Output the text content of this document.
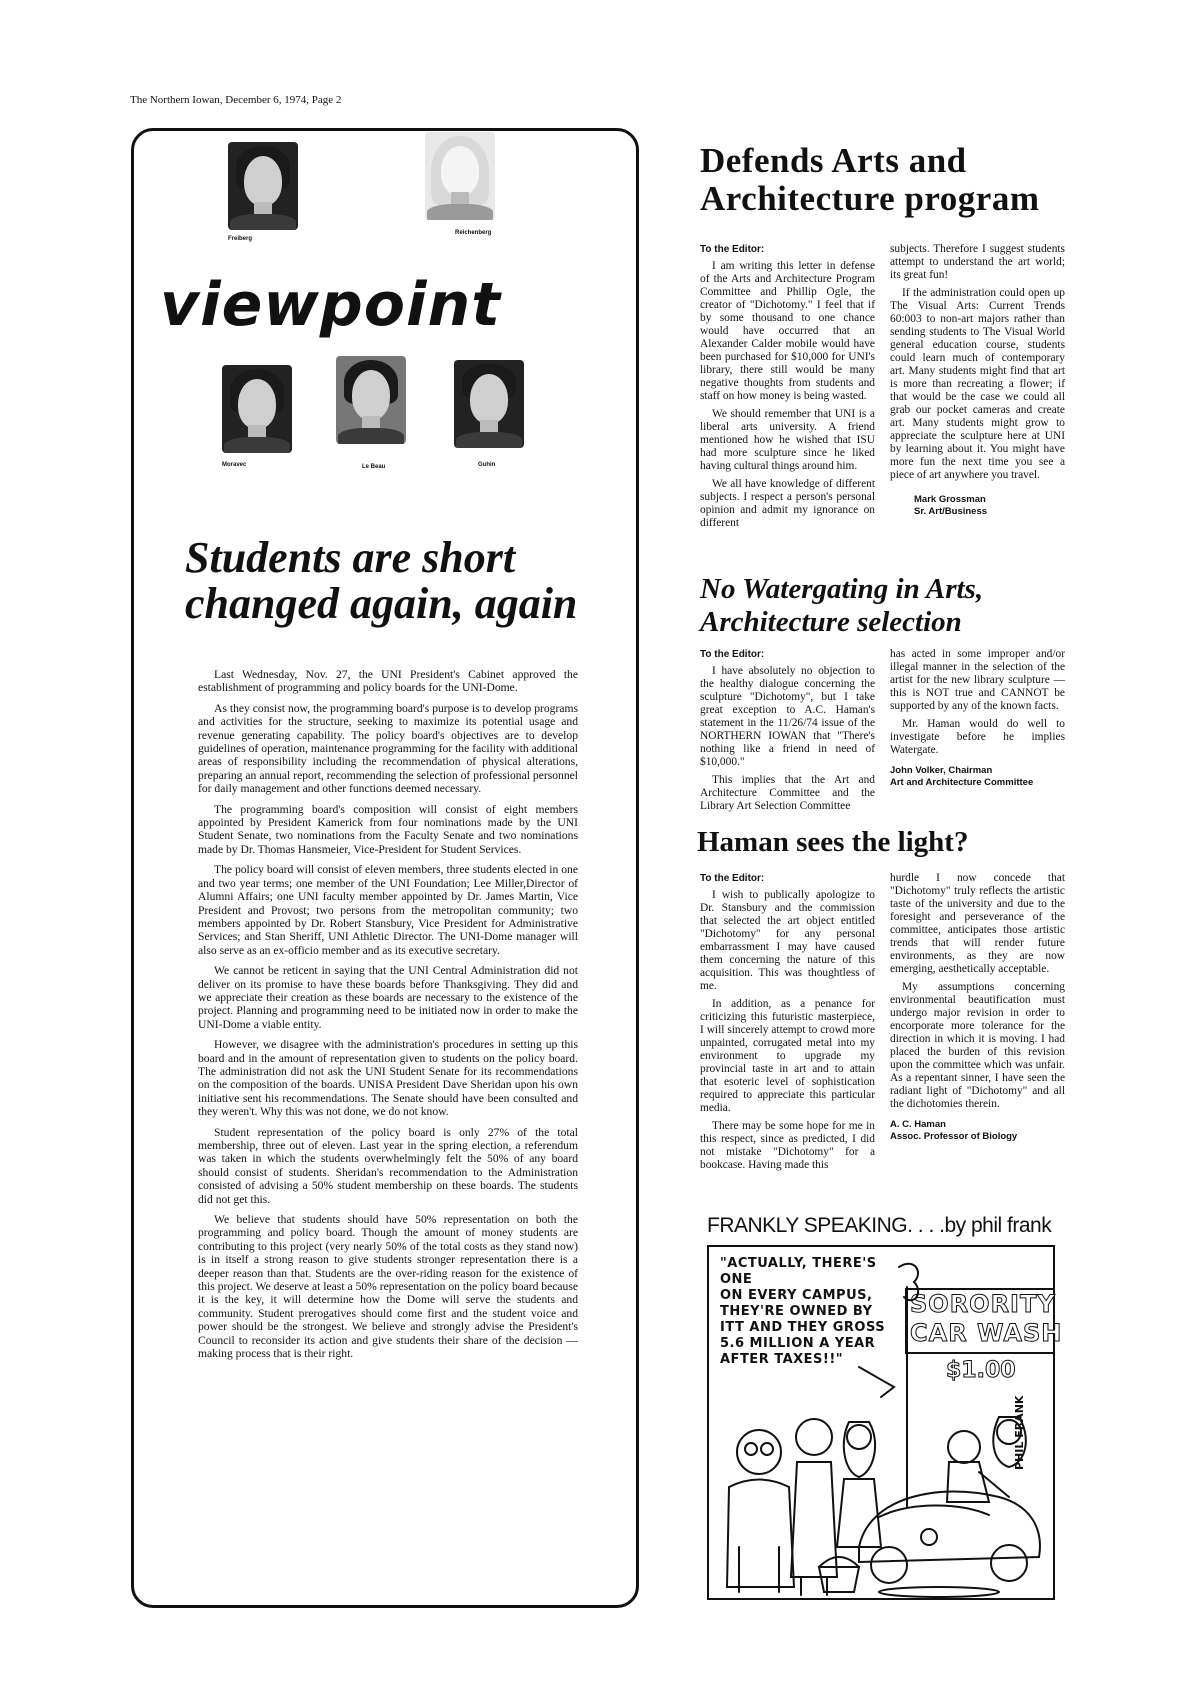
The Northern Iowan, December 6, 1974, Page 2
Freiberg
Reichenberg
viewpoint
Moravec	Le Beau	Guhin
Students are short
changed again, again

Last Wednesday, Nov. 27, the UNI President's Cabinet approved the establishment of programming and policy boards for the UNI-Dome.

As they consist now, the programming board's purpose is to develop programs and activities for the structure, seeking to maximize its potential usage and revenue generating capability. The policy board's objectives are to develop guidelines of operation, maintenance programming for the facility with additional areas of responsibility including the recommendation of physical alterations, preparing an annual report, recommending the selection of professional personnel for daily management and other functions deemed necessary.

The programming board's composition will consist of eight members appointed by President Kamerick from four nominations made by the UNI Student Senate, two nominations from the Faculty Senate and two nominations made by Dr. Thomas Hansmeier, Vice-President for Student Services.

The policy board will consist of eleven members, three students elected in one and two year terms; one member of the UNI Foundation; Lee Miller,Director of Alumni Affairs; one UNI faculty member appointed by Dr. James Martin, Vice President and Provost; two persons from the metropolitan community; two members appointed by Dr. Robert Stansbury, Vice President for Administrative Services; and Stan Sheriff, UNI Athletic Director. The UNI-Dome manager will also serve as an ex-officio member and as its executive secretary.

We cannot be reticent in saying that the UNI Central Administration did not deliver on its promise to have these boards before Thanksgiving. They did and we appreciate their creation as these boards are necessary to the existence of the project. Planning and programming need to be initiated now in order to make the UNI-Dome a viable entity.

However, we disagree with the administration's procedures in setting up this board and in the amount of representation given to students on the policy board. The administration did not ask the UNI Student Senate for its recommendations on the composition of the boards. UNISA President Dave Sheridan upon his own initiative sent his recommendations. The Senate should have been consulted and they weren't. Why this was not done, we do not know.

Student representation of the policy board is only 27% of the total membership, three out of eleven. Last year in the spring election, a referendum was taken in which the students overwhelmingly felt the 50% of any board should consist of students. Sheridan's recommendation to the Administration consisted of advising a 50% student membership on these boards. The students did not get this.

We believe that students should have 50% representation on both the programming and policy board. Though the amount of money students are contributing to this project (very nearly 50% of the total costs as they stand now) is in itself a strong reason to give students stronger representation there is a deeper reason than that. Students are the over-riding reason for the existence of this project. We deserve at least a 50% representation on the policy board because it is the key, it will determine how the Dome will serve the students and community. Student prerogatives should come first and the student voice and power should be the strongest. We believe and strongly advise the President's Council to reconsider its action and give students their share of the decision — making process that is their right.

Defends Arts and
Architecture program
To the Editor:

I am writing this letter in defense of the Arts and Architecture Program Committee and Phillip Ogle, the creator of "Dichotomy." I feel that if by some thousand to one chance would have occurred that an Alexander Calder mobile would have been purchased for $10,000 for UNI's library, there still would be many negative thoughts from students and staff on how money is being wasted.

We should remember that UNI is a liberal arts university. A friend mentioned how he wished that ISU had more sculpture since he liked having cultural things around him.

We all have knowledge of different subjects. I respect a person's personal opinion and admit my ignorance on different

subjects. Therefore I suggest students attempt to understand the art world; its great fun!

If the administration could open up The Visual Arts: Current Trends 60:003 to non-art majors rather than sending students to The Visual World general education course, students could learn much of contemporary art. Many students might find that art is more than recreating a flower; if that would be the case we could all grab our pocket cameras and create art. Many students might grow to appreciate the sculpture here at UNI by learning about it. You might have more fun the next time you see a piece of art anywhere you travel.

Mark Grossman
Sr. Art/Business
No Watergating in Arts,
Architecture selection
To the Editor:

I have absolutely no objection to the healthy dialogue concerning the sculpture "Dichotomy", but I take great exception to A.C. Haman's statement in the 11/26/74 issue of the NORTHERN IOWAN that "There's nothing like a friend in need of $10,000."

This implies that the Art and Architecture Committee and the Library Art Selection Committee

has acted in some improper and/or illegal manner in the selection of the artist for the new library sculpture — this is NOT true and CANNOT be supported by any of the known facts.

Mr. Haman would do well to investigate before he implies Watergate.

John Volker, Chairman
Art and Architecture Committee
Haman sees the light?
To the Editor:

I wish to publically apologize to Dr. Stansbury and the commission that selected the art object entitled "Dichotomy" for any personal embarrassment I may have caused them concerning the nature of this acquisition. This was thoughtless of me.

In addition, as a penance for criticizing this futuristic masterpiece, I will sincerely attempt to crowd more unpainted, corrugated metal into my environment to upgrade my provincial taste in art and to attain that esoteric level of sophistication required to appreciate this particular media.

There may be some hope for me in this respect, since as predicted, I did not mistake "Dichotomy" for a bookcase. Having made this

hurdle I now concede that "Dichotomy" truly reflects the artistic taste of the university and due to the foresight and perseverance of the committee, anticipates those artistic trends that will render future environments, as they are now emerging, aesthetically acceptable.

My assumptions concerning environmental beautification must undergo major revision in order to encorporate more tolerance for the direction in which it is moving. I had placed the burden of this revision upon the committee which was unfair. As a repentant sinner, I have seen the radiant light of "Dichotomy" and all the dichotomies therein.

A. C. Haman
Assoc. Professor of Biology
FRANKLY SPEAKING. . . .by phil frank
"ACTUALLY, THERE'S ONE
ON EVERY CAMPUS,
THEY'RE OWNED BY
ITT AND THEY GROSS
5.6 MILLION A YEAR
AFTER TAXES!!"
SORORITY
CAR WASH
$1.00
PHIL FRANK
